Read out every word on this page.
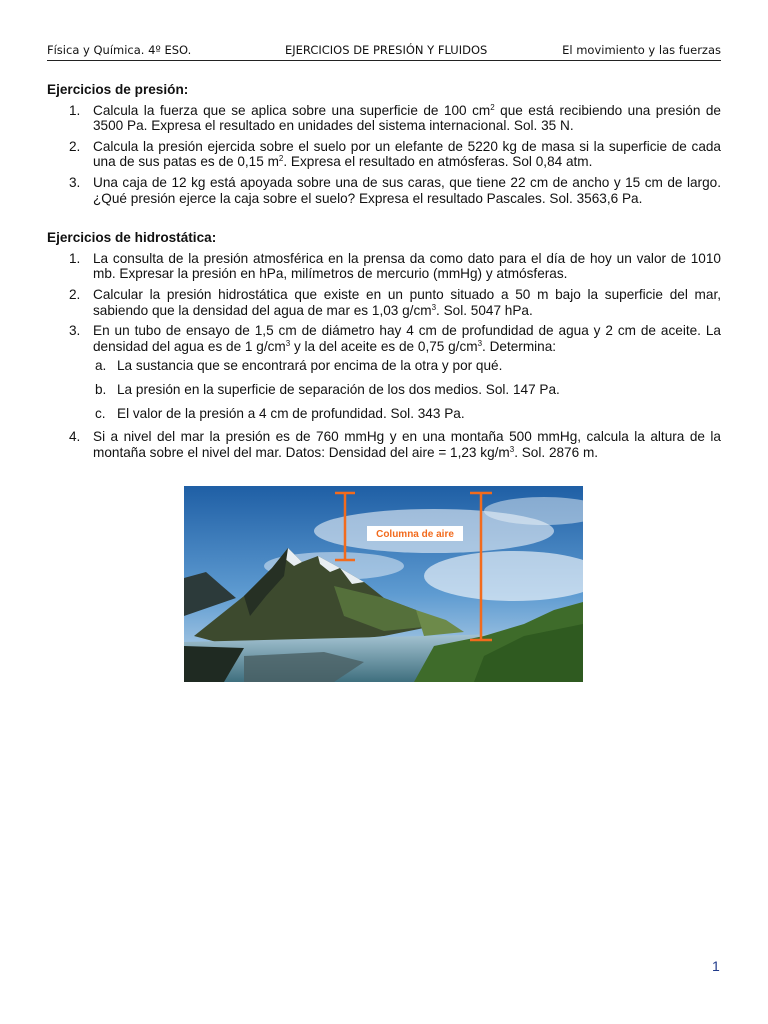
Física y Química. 4º ESO.	EJERCICIOS DE PRESIÓN Y FLUIDOS	El movimiento y las fuerzas
Ejercicios de presión:
1. Calcula la fuerza que se aplica sobre una superficie de 100 $cm^2$ que está recibiendo una presión de 3500 Pa. Expresa el resultado en unidades del sistema internacional. Sol. 35 N.
2. Calcula la presión ejercida sobre el suelo por un elefante de 5220 kg de masa si la superficie de cada una de sus patas es de 0,15 $m^2$. Expresa el resultado en atmósferas. Sol 0,84 atm.
3. Una caja de 12 kg está apoyada sobre una de sus caras, que tiene 22 cm de ancho y 15 cm de largo. ¿Qué presión ejerce la caja sobre el suelo? Expresa el resultado Pascales. Sol. 3563,6 Pa.
Ejercicios de hidrostática:
1. La consulta de la presión atmosférica en la prensa da como dato para el día de hoy un valor de 1010 mb. Expresar la presión en hPa, milímetros de mercurio (mmHg) y atmósferas.
2. Calcular la presión hidrostática que existe en un punto situado a 50 m bajo la superficie del mar, sabiendo que la densidad del agua de mar es 1,03 $g/cm^3$. Sol. 5047 hPa.
3. En un tubo de ensayo de 1,5 cm de diámetro hay 4 cm de profundidad de agua y 2 cm de aceite. La densidad del agua es de 1 $g/cm^3$ y la del aceite es de 0,75 $g/cm^3$. Determina:
a. La sustancia que se encontrará por encima de la otra y por qué.
b. La presión en la superficie de separación de los dos medios. Sol. 147 Pa.
c. El valor de la presión a 4 cm de profundidad. Sol. 343 Pa.
4. Si a nivel del mar la presión es de 760 mmHg y en una montaña 500 mmHg, calcula la altura de la montaña sobre el nivel del mar. Datos: Densidad del aire = 1,23 $kg/m^3$. Sol. 2876 m.
Columna de aire
1
